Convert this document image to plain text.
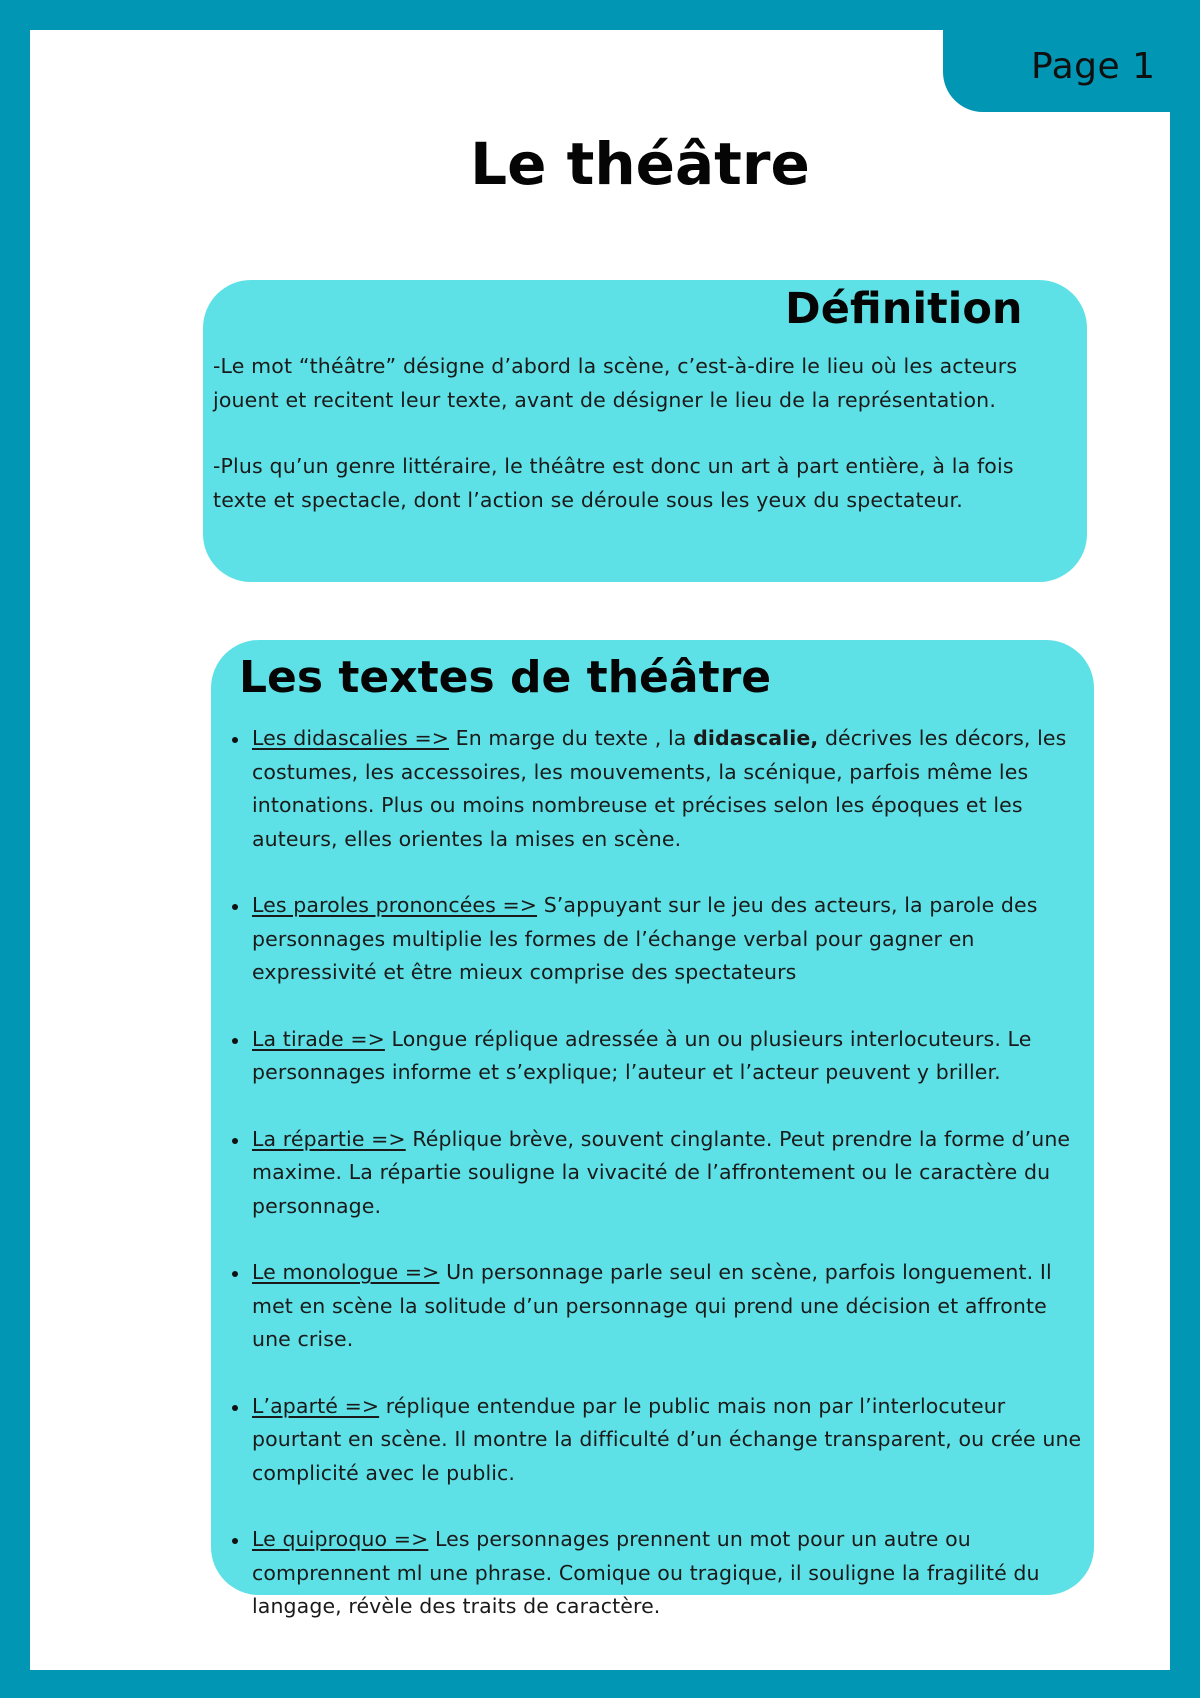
Page 1
Le théâtre
Définition

-Le mot “théâtre” désigne d’abord la scène, c’est-à-dire le lieu où les acteurs jouent et recitent leur texte, avant de désigner le lieu de la représentation.

-Plus qu’un genre littéraire, le théâtre est donc un art à part entière, à la fois texte et spectacle, dont l’action se déroule sous les yeux du spectateur.

Les textes de théâtre
Les didascalies => En marge du texte , la didascalie, décrives les décors, les costumes, les accessoires, les mouvements, la scénique, parfois même les intonations. Plus ou moins nombreuse et précises selon les époques et les auteurs, elles orientes la mises en scène.
Les paroles prononcées => S’appuyant sur le jeu des acteurs, la parole des personnages multiplie les formes de l’échange verbal pour gagner en expressivité et être mieux comprise des spectateurs
La tirade => Longue réplique adressée à un ou plusieurs interlocuteurs. Le personnages informe et s’explique; l’auteur et l’acteur peuvent y briller.
La répartie => Réplique brève, souvent cinglante. Peut prendre la forme d’une maxime. La répartie souligne la vivacité de l’affrontement ou le caractère du personnage.
Le monologue => Un personnage parle seul en scène, parfois longuement. Il met en scène la solitude d’un personnage qui prend une décision et affronte une crise.
L’aparté => réplique entendue par le public mais non par l’interlocuteur pourtant en scène. Il montre la difficulté d’un échange transparent, ou crée une complicité avec le public.
Le quiproquo => Les personnages prennent un mot pour un autre ou comprennent ml une phrase. Comique ou tragique, il souligne la fragilité du langage, révèle des traits de caractère.
